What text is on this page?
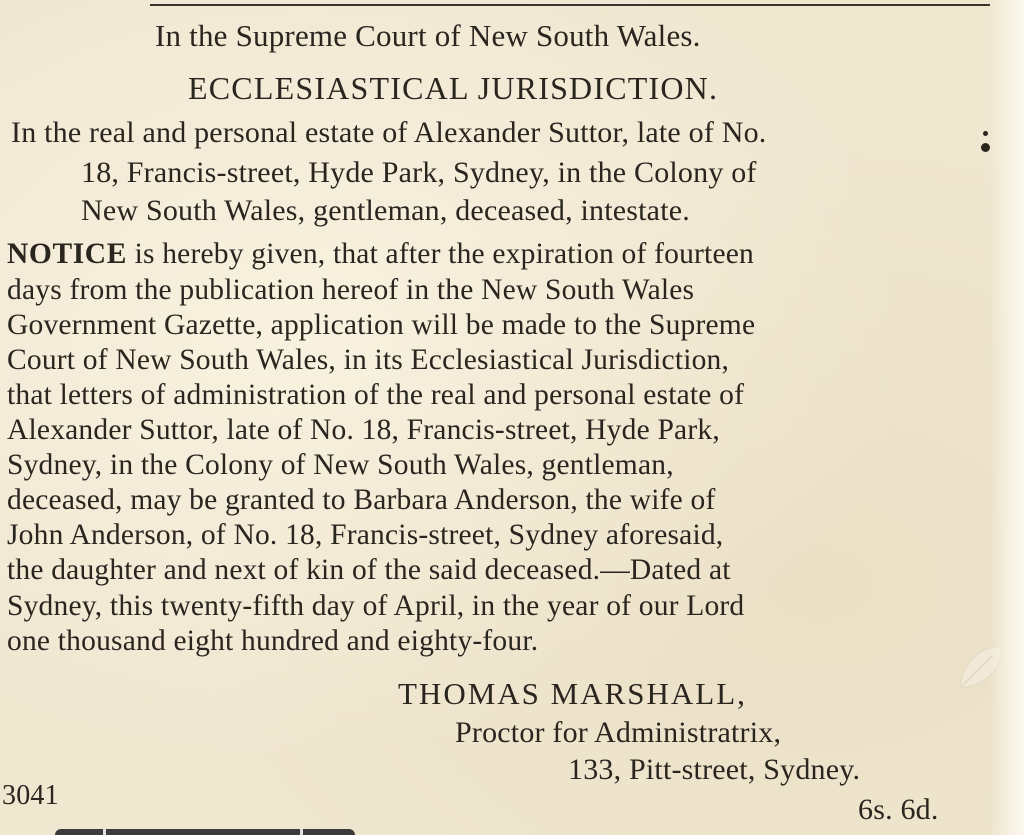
In the Supreme Court of New South Wales.
ECCLESIASTICAL JURISDICTION.
In the real and personal estate of Alexander Suttor, late of No.
18, Francis-street, Hyde Park, Sydney, in the Colony of
New South Wales, gentleman, deceased, intestate.
NOTICE is hereby given, that after the expiration of fourteen
days from the publication hereof in the New South Wales
Government Gazette, application will be made to the Supreme
Court of New South Wales, in its Ecclesiastical Jurisdiction,
that letters of administration of the real and personal estate of
Alexander Suttor, late of No. 18, Francis-street, Hyde Park,
Sydney, in the Colony of New South Wales, gentleman,
deceased, may be granted to Barbara Anderson, the wife of
John Anderson, of No. 18, Francis-street, Sydney aforesaid,
the daughter and next of kin of the said deceased.—Dated at
Sydney, this twenty-fifth day of April, in the year of our Lord
one thousand eight hundred and eighty-four.
THOMAS MARSHALL,
Proctor for Administratrix,
133, Pitt-street, Sydney.
3041	6s. 6d.
